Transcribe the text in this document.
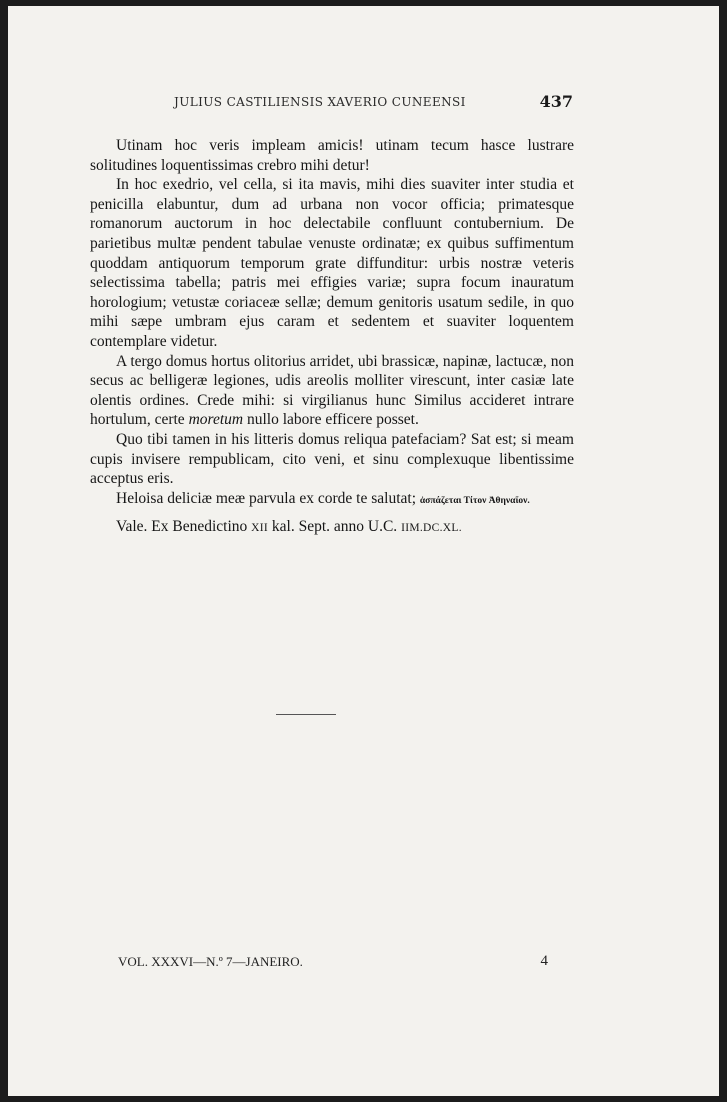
JULIUS CASTILIENSIS XAVERIO CUNEENSI	437

Utinam hoc veris impleam amicis! utinam tecum hasce lustrare solitudines loquentissimas crebro mihi detur!

In hoc exedrio, vel cella, si ita mavis, mihi dies suaviter inter studia et penicilla elabuntur, dum ad urbana non vocor officia; primatesque romanorum auctorum in hoc delectabile confluunt contubernium. De parietibus multæ pendent tabulae venuste ordinatæ; ex quibus suffimentum quoddam antiquorum temporum grate diffunditur: urbis nostræ veteris selectissima tabella; patris mei effigies variæ; supra focum inauratum horologium; vetustæ coriaceæ sellæ; demum genitoris usatum sedile, in quo mihi sæpe umbram ejus caram et sedentem et suaviter loquentem contemplare videtur.

A tergo domus hortus olitorius arridet, ubi brassicæ, napinæ, lactucæ, non secus ac belligeræ legiones, udis areolis molliter virescunt, inter casiæ late olentis ordines. Crede mihi: si virgilianus hunc Similus accideret intrare hortulum, certe moretum nullo labore efficere posset.

Quo tibi tamen in his litteris domus reliqua patefaciam? Sat est; si meam cupis invisere rempublicam, cito veni, et sinu complexuque libentissime acceptus eris.

Heloisa deliciæ meæ parvula ex corde te salutat; ἀσπάζεται Τίτον Ἀθηναῖον.

Vale. Ex Benedictino XII kal. Sept. anno U.C. IIM.DC.XL.

VOL. XXXVI—N.º 7—JANEIRO.	4
